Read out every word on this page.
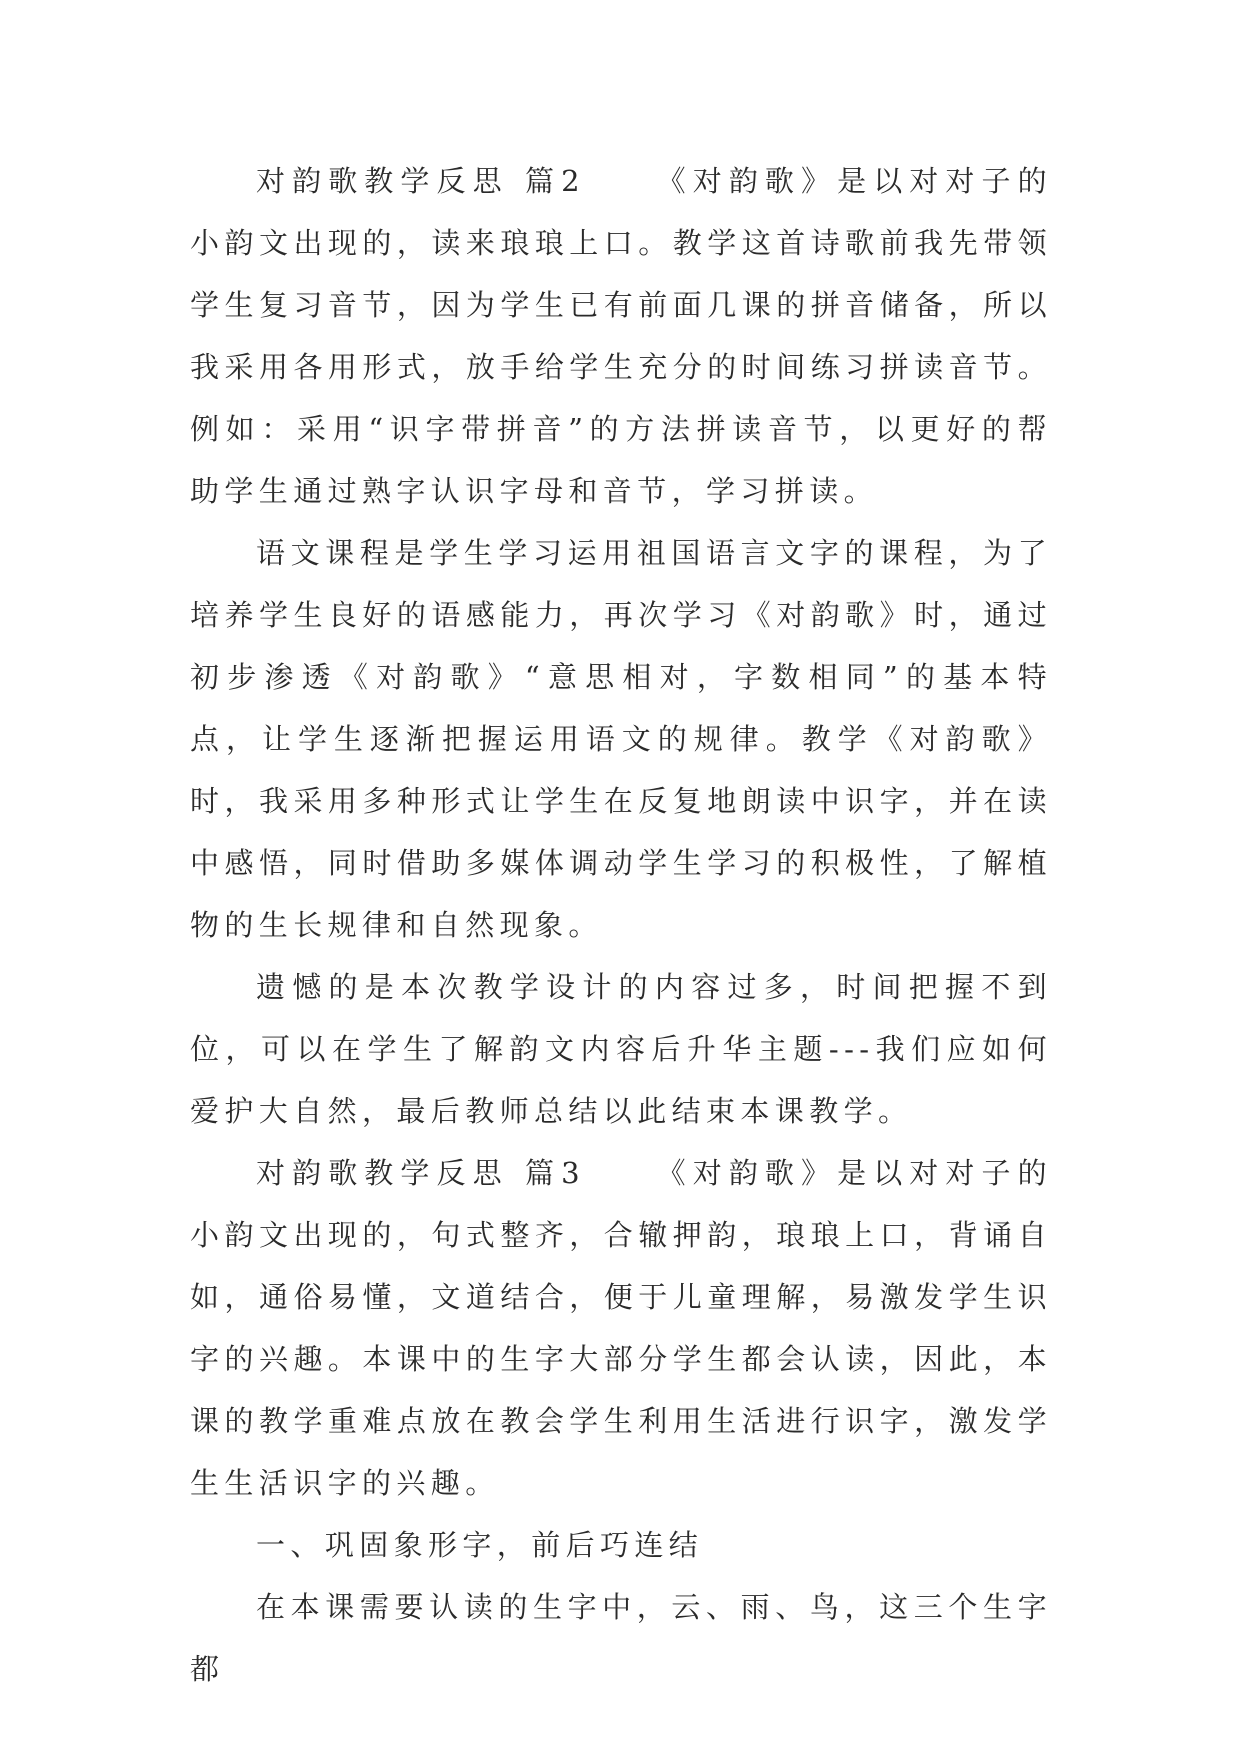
对韵歌教学反思 篇2 《对韵歌》是以对对子的小韵文出现的，读来琅琅上口。教学这首诗歌前我先带领学生复习音节，因为学生已有前面几课的拼音储备，所以我采用各用形式，放手给学生充分的时间练习拼读音节。例如：采用“识字带拼音”的方法拼读音节，以更好的帮助学生通过熟字认识字母和音节，学习拼读。

语文课程是学生学习运用祖国语言文字的课程，为了培养学生良好的语感能力，再次学习《对韵歌》时，通过初步渗透《对韵歌》“意思相对，字数相同”的基本特点，让学生逐渐把握运用语文的规律。教学《对韵歌》时，我采用多种形式让学生在反复地朗读中识字，并在读中感悟，同时借助多媒体调动学生学习的积极性，了解植物的生长规律和自然现象。

遗憾的是本次教学设计的内容过多，时间把握不到位，可以在学生了解韵文内容后升华主题---我们应如何爱护大自然，最后教师总结以此结束本课教学。

对韵歌教学反思 篇3 《对韵歌》是以对对子的小韵文出现的，句式整齐，合辙押韵，琅琅上口，背诵自如，通俗易懂，文道结合，便于儿童理解，易激发学生识字的兴趣。本课中的生字大部分学生都会认读，因此，本课的教学重难点放在教会学生利用生活进行识字，激发学生生活识字的兴趣。

一、巩固象形字，前后巧连结

在本课需要认读的生字中，云、雨、鸟，这三个生字都
